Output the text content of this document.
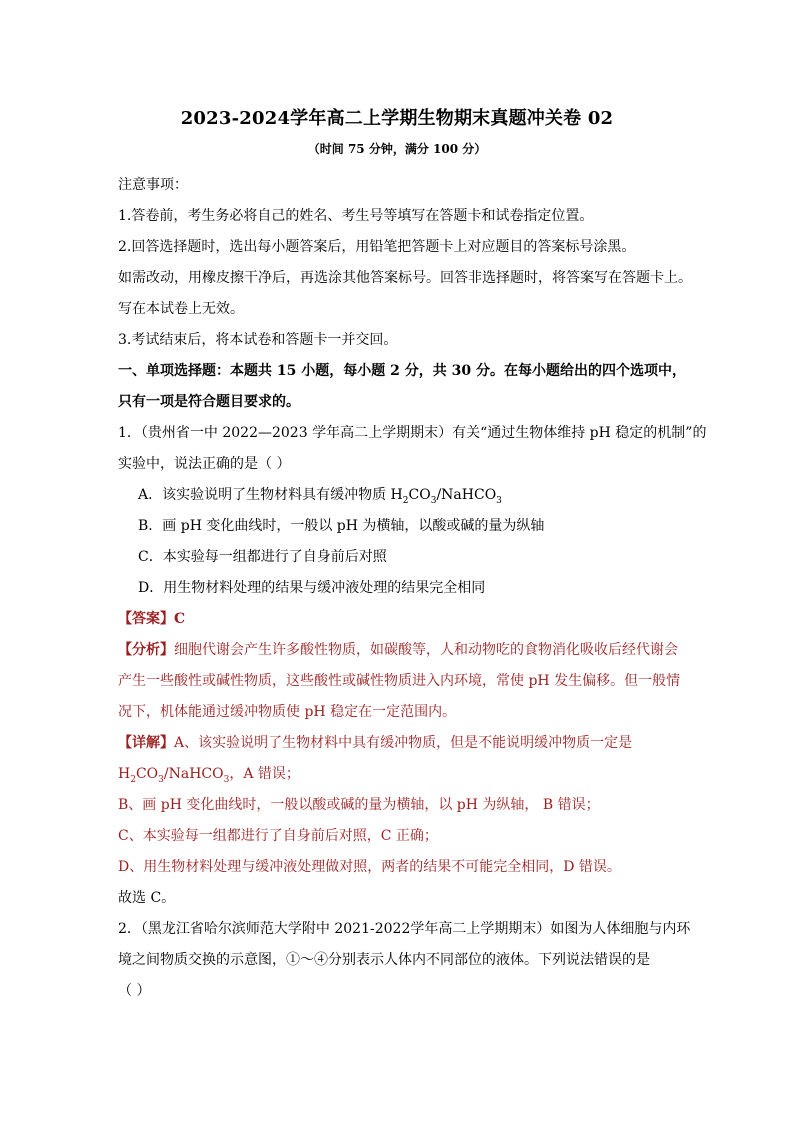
2023-2024学年高二上学期生物期末真题冲关卷 02
（时间 75 分钟，满分 100 分）
注意事项：
1.答卷前，考生务必将自己的姓名、考生号等填写在答题卡和试卷指定位置。
2.回答选择题时，选出每小题答案后，用铅笔把答题卡上对应题目的答案标号涂黑。
如需改动，用橡皮擦干净后，再选涂其他答案标号。回答非选择题时，将答案写在答题卡上。
写在本试卷上无效。
3.考试结束后，将本试卷和答题卡一并交回。
一、单项选择题：本题共 15 小题，每小题 2 分，共 30 分。在每小题给出的四个选项中，
只有一项是符合题目要求的。
1．（贵州省一中 2022—2023 学年高二上学期期末）有关“通过生物体维持 pH 稳定的机制”的
实验中，说法正确的是（ ）
A．该实验说明了生物材料具有缓冲物质 $H_2CO_3/NaHCO_3$
B．画 pH 变化曲线时，一般以 pH 为横轴，以酸或碱的量为纵轴
C．本实验每一组都进行了自身前后对照
D．用生物材料处理的结果与缓冲液处理的结果完全相同
【答案】C
【分析】细胞代谢会产生许多酸性物质，如碳酸等，人和动物吃的食物消化吸收后经代谢会
产生一些酸性或碱性物质，这些酸性或碱性物质进入内环境，常使 pH 发生偏移。但一般情
况下，机体能通过缓冲物质使 pH 稳定在一定范围内。
【详解】A、该实验说明了生物材料中具有缓冲物质，但是不能说明缓冲物质一定是
$H_2CO_3/NaHCO_3$，A 错误；
B、画 pH 变化曲线时，一般以酸或碱的量为横轴，以 pH 为纵轴， B 错误；
C、本实验每一组都进行了自身前后对照，C 正确；
D、用生物材料处理与缓冲液处理做对照，两者的结果不可能完全相同，D 错误。
故选 C。
2．（黑龙江省哈尔滨师范大学附中 2021-2022学年高二上学期期末）如图为人体细胞与内环
境之间物质交换的示意图，①～④分别表示人体内不同部位的液体。下列说法错误的是
（ ）
